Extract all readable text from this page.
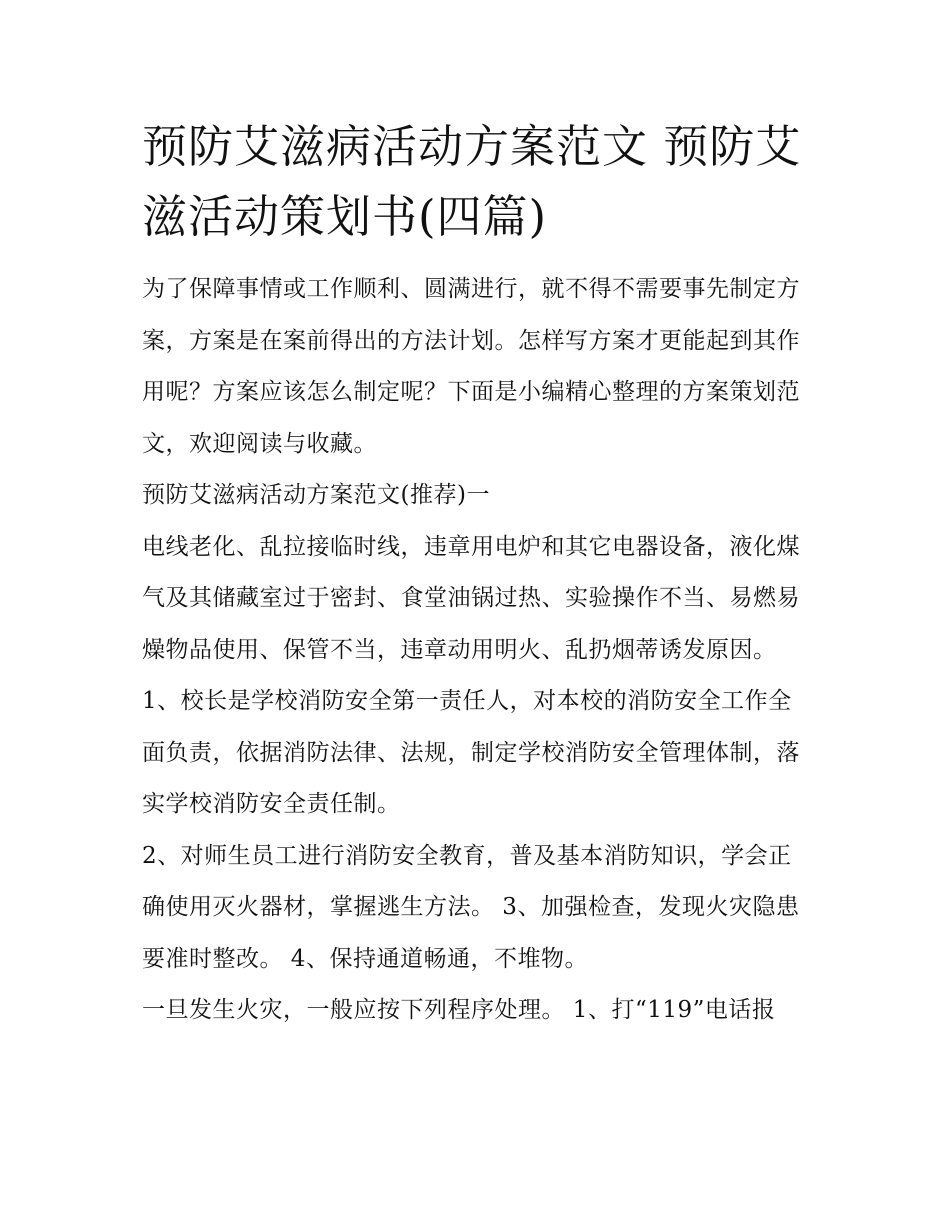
预防艾滋病活动方案范文 预防艾滋活动策划书(四篇)

为了保障事情或工作顺利、圆满进行，就不得不需要事先制定方案，方案是在案前得出的方法计划。怎样写方案才更能起到其作用呢？方案应该怎么制定呢？下面是小编精心整理的方案策划范文，欢迎阅读与收藏。

预防艾滋病活动方案范文(推荐)一

电线老化、乱拉接临时线，违章用电炉和其它电器设备，液化煤气及其储藏室过于密封、食堂油锅过热、实验操作不当、易燃易燥物品使用、保管不当，违章动用明火、乱扔烟蒂诱发原因。

1、校长是学校消防安全第一责任人，对本校的消防安全工作全面负责，依据消防法律、法规，制定学校消防安全管理体制，落实学校消防安全责任制。

2、对师生员工进行消防安全教育，普及基本消防知识，学会正确使用灭火器材，掌握逃生方法。 3、加强检查，发现火灾隐患要准时整改。 4、保持通道畅通，不堆物。

一旦发生火灾，一般应按下列程序处理。 1、打“119”电话报
